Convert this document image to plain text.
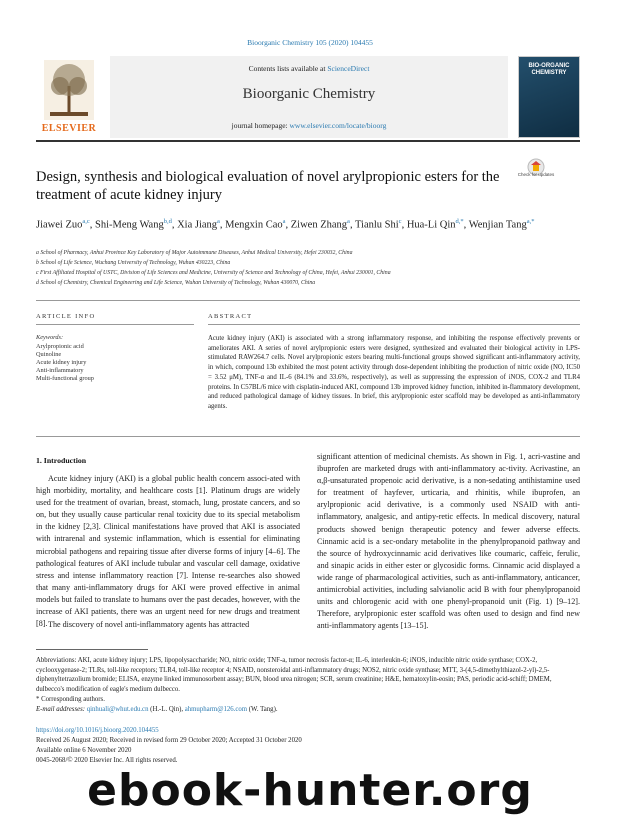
Bioorganic Chemistry 105 (2020) 104455
Contents lists available at ScienceDirect
Bioorganic Chemistry
journal homepage: www.elsevier.com/locate/bioorg
ELSEVIER
BIO-ORGANIC CHEMISTRY
Design, synthesis and biological evaluation of novel arylpropionic esters for the treatment of acute kidney injury
Check for updates
Jiawei Zuo$^{a,c}$, Shi-Meng Wang$^{b,d}$, Xia Jiang$^a$, Mengxin Cao$^a$, Ziwen Zhang$^a$, Tianlu Shi$^c$, Hua-Li Qin$^{d,*}$, Wenjian Tang$^{a,*}$
a School of Pharmacy, Anhui Province Key Laboratory of Major Autoimmune Diseases, Anhui Medical University, Hefei 230032, China
b School of Life Science, Wuchang University of Technology, Wuhan 430223, China
c First Affiliated Hospital of USTC, Division of Life Sciences and Medicine, University of Science and Technology of China, Hefei, Anhui 230001, China
d School of Chemistry, Chemical Engineering and Life Science, Wuhan University of Technology, Wuhan 430070, China
ARTICLE INFO	ABSTRACT
Keywords:
Arylpropionic acid
Quinoline
Acute kidney injury
Anti-inflammatory
Multi-functional group
Acute kidney injury (AKI) is associated with a strong inflammatory response, and inhibiting the response effectively prevents or ameliorates AKI. A series of novel arylpropionic esters were designed, synthesized and evaluated their biological activity in LPS-stimulated RAW264.7 cells. Novel arylpropionic esters bearing multi-functional groups showed significant anti-inflammatory activity, in which, compound 13b exhibited the most potent activity through dose-dependent inhibiting the production of nitric oxide (NO, IC50 = 3.52 μM), TNF-α and IL-6 (84.1% and 33.6%, respectively), as well as suppressing the expression of iNOS, COX-2 and TLR4 proteins. In C57BL/6 mice with cisplatin-induced AKI, compound 13b improved kidney function, inhibited in-flammatory development, and reduced pathological damage of kidney tissues. In brief, this arylpropionic ester scaffold may be developed as anti-inflammatory agents.
1. Introduction
Acute kidney injury (AKI) is a global public health concern associ-ated with high morbidity, mortality, and healthcare costs [1]. Platinum drugs are widely used for the treatment of ovarian, breast, stomach, lung, prostate cancers, and so on, but they usually cause particular renal toxicity due to its special metabolism in the kidney [2,3]. Clinical manifestations have proved that AKI is associated with intrarenal and systemic inflammation, which is essential for eliminating microbial pathogens and repairing tissue after diverse forms of injury [4–6]. The pathological features of AKI include tubular and vascular cell damage, oxidative stress and intense inflammatory reaction [7]. Intense re-searches also showed that many anti-inflammatory drugs for AKI were proved effective in animal models but failed to translate to humans over the past decades, however, with the increase of AKI patients, there was an urgent need for new drugs and treatment [8]. The discovery of novel anti-inflammatory agents has attracted
significant attention of medicinal chemists. As shown in Fig. 1, acri-vastine and ibuprofen are marketed drugs with anti-inflammatory ac-tivity. Acrivastine, an α,β-unsaturated propenoic acid derivative, is a non-sedating antihistamine used for treatment of hayfever, urticaria, and rhinitis, while ibuprofen, an arylpropionic acid derivative, is a commonly used NSAID with anti-inflammatory, analgesic, and antipy-retic effects. In medical discovery, natural products showed benign therapeutic potency and fewer adverse effects. Cinnamic acid is a sec-ondary metabolite in the phenylpropanoid pathway and the source of hydroxycinnamic acid derivatives like coumaric, caffeic, ferulic, and sinapic acids in either ester or glycosidic forms. Cinnamic acid displayed a wide range of pharmacological activities, such as anti-inflammatory, anticancer, antimicrobial activities, including salvianolic acid B with four phenylpropanoid units and chlorogenic acid with one phenyl-propanoid unit (Fig. 1) [9–12]. Therefore, arylpropionic ester scaffold was often used to design and find new anti-inflammatory agents [13–15].
Abbreviations: AKI, acute kidney injury; LPS, lipopolysaccharide; NO, nitric oxide; TNF-a, tumor necrosis factor-α; IL-6, interleukin-6; iNOS, inducible nitric oxide synthase; COX-2, cyclooxygenase-2; TLRs, toll-like receptors; TLR4, toll-like receptor 4; NSAID, nonsteroidal anti-inflammatory drugs; NOS2, nitric oxide synthase; MTT, 3-(4,5-dimethylthiazol-2-yl)-2,5-diphenyltetrazolium bromide; ELISA, enzyme linked immunosorbent assay; BUN, blood urea nitrogen; SCR, serum creatinine; H&E, hematoxylin-eosin; PAS, periodic acid-schiff; DMEM, dulbecco's modification of eagle's medium dulbecco.
* Corresponding authors.
E-mail addresses: qinhuali@whut.edu.cn (H.-L. Qin), ahmupharm@126.com (W. Tang).
https://doi.org/10.1016/j.bioorg.2020.104455
Received 26 August 2020; Received in revised form 29 October 2020; Accepted 31 October 2020
Available online 6 November 2020
0045-2068/© 2020 Elsevier Inc. All rights reserved.
ebook-hunter.org
